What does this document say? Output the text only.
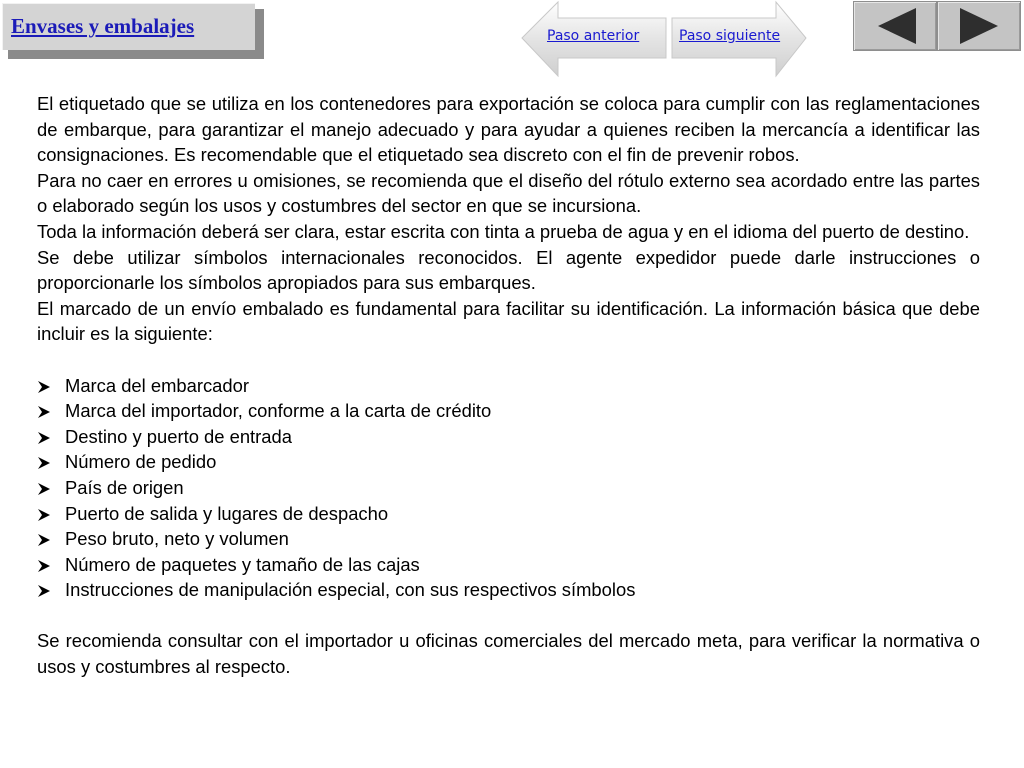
Envases y embalajes	Paso anterior	Paso siguiente

El etiquetado que se utiliza en los contenedores para exportación se coloca para cumplir con las reglamentaciones de embarque, para garantizar el manejo adecuado y para ayudar a quienes reciben la mercancía a identificar las consignaciones. Es recomendable que el etiquetado sea discreto con el fin de prevenir robos.

Para no caer en errores u omisiones, se recomienda que el diseño del rótulo externo sea acordado entre las partes o elaborado según los usos y costumbres del sector en que se incursiona.

Toda la información deberá ser clara, estar escrita con tinta a prueba de agua y en el idioma del puerto de destino.

Se debe utilizar símbolos internacionales reconocidos. El agente expedidor puede darle instrucciones o proporcionarle los símbolos apropiados para sus embarques.

El marcado de un envío embalado es fundamental para facilitar su identificación. La información básica que debe incluir es la siguiente:

Marca del embarcador
Marca del importador, conforme a la carta de crédito
Destino y puerto de entrada
Número de pedido
País de origen
Puerto de salida y lugares de despacho
Peso bruto, neto y volumen
Número de paquetes y tamaño de las cajas
Instrucciones de manipulación especial, con sus respectivos símbolos

Se recomienda consultar con el importador u oficinas comerciales del mercado meta, para verificar la normativa o usos y costumbres al respecto.
